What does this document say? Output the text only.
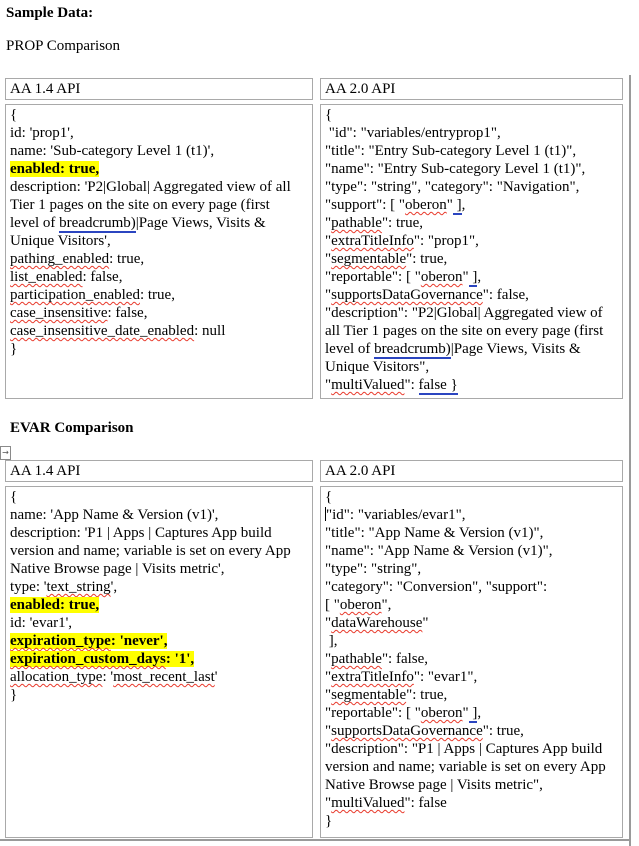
Sample Data:
PROP Comparison
AA 1.4 API	AA 2.0 API
{
id: 'prop1',
name: 'Sub-category Level 1 (t1)',
enabled: true,
description: 'P2|Global| Aggregated view of all
Tier 1 pages on the site on every page (first
level of breadcrumb)|Page Views, Visits &
Unique Visitors',
pathing_enabled: true,
list_enabled: false,
participation_enabled: true,
case_insensitive: false,
case_insensitive_date_enabled: null
}
{
"id": "variables/entryprop1",
"title": "Entry Sub-category Level 1 (t1)",
"name": "Entry Sub-category Level 1 (t1)",
"type": "string", "category": "Navigation",
"support": [ "oberon" ],
"pathable": true,
"extraTitleInfo": "prop1",
"segmentable": true,
"reportable": [ "oberon" ],
"supportsDataGovernance": false,
"description": "P2|Global| Aggregated view of
all Tier 1 pages on the site on every page (first
level of breadcrumb)|Page Views, Visits &
Unique Visitors",
"multiValued": false }
EVAR Comparison
→
AA 1.4 API	AA 2.0 API
{
name: 'App Name & Version (v1)',
description: 'P1 | Apps | Captures App build
version and name; variable is set on every App
Native Browse page | Visits metric',
type: 'text_string',
enabled: true,
id: 'evar1',
expiration_type: 'never',
expiration_custom_days: '1',
allocation_type: 'most_recent_last'
}
{
"id": "variables/evar1",
"title": "App Name & Version (v1)",
"name": "App Name & Version (v1)",
"type": "string",
"category": "Conversion", "support":
[ "oberon",
"dataWarehouse"
],
"pathable": false,
"extraTitleInfo": "evar1",
"segmentable": true,
"reportable": [ "oberon" ],
"supportsDataGovernance": true,
"description": "P1 | Apps | Captures App build
version and name; variable is set on every App
Native Browse page | Visits metric",
"multiValued": false
}
